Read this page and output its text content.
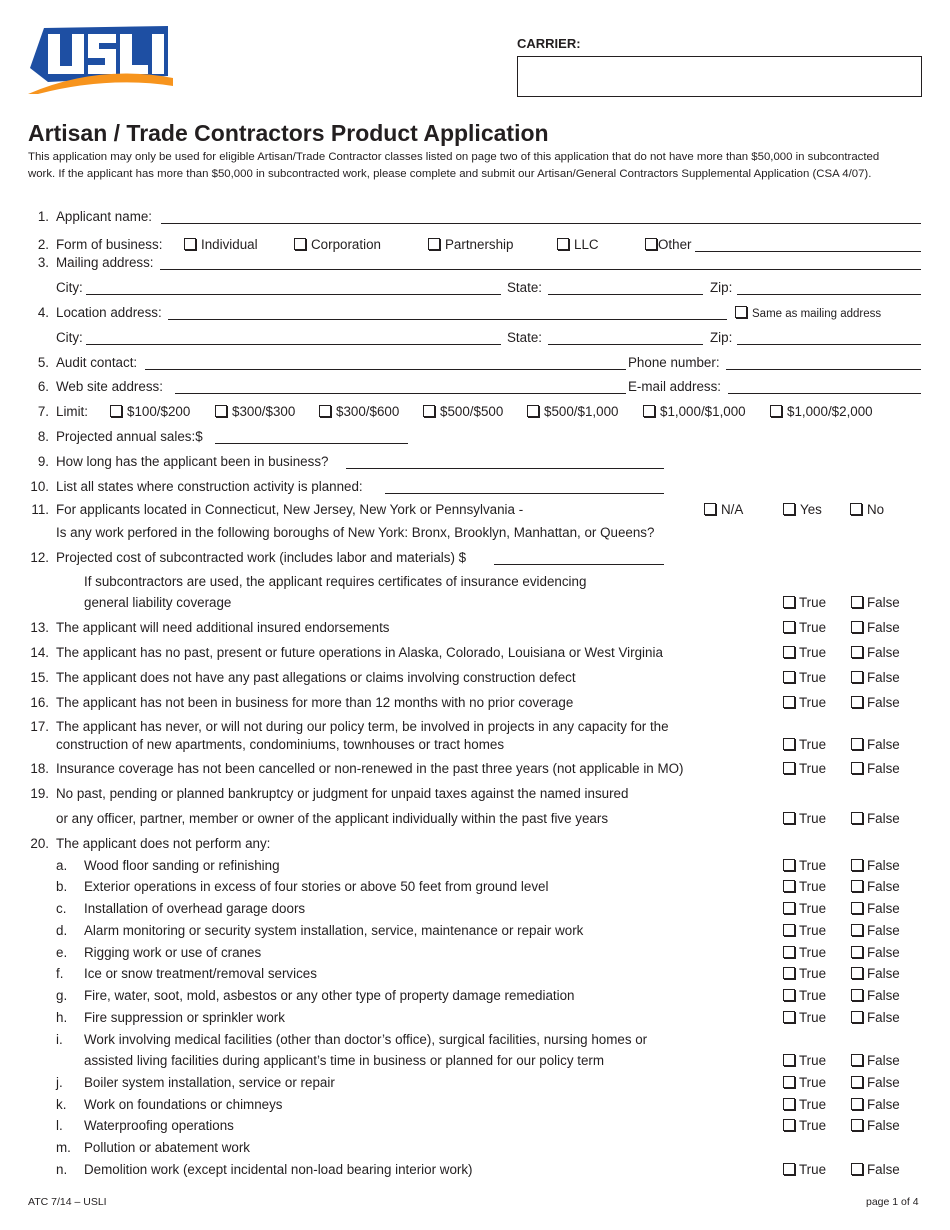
CARRIER:
Artisan / Trade Contractors Product Application
This application may only be used for eligible Artisan/Trade Contractor classes listed on page two of this application that do not have more than $50,000 in subcontracted work. If the applicant has more than $50,000 in subcontracted work, please complete and submit our Artisan/General Contractors Supplemental Application (CSA 4/07).
1. Applicant name:
2. Form of business:	Individual	Corporation	Partnership	LLC	Other
3. Mailing address:
City:	State:	Zip:
4. Location address:	Same as mailing address
City:	State:	Zip:
5. Audit contact:	Phone number:
6. Web site address:	E-mail address:
7. Limit:	$100/$200	$300/$300	$300/$600	$500/$500	$500/$1,000	$1,000/$1,000	$1,000/$2,000
8. Projected annual sales:$
9. How long has the applicant been in business?
10. List all states where construction activity is planned:
11. For applicants located in Connecticut, New Jersey, New York or Pennsylvania -	N/A	Yes	No
Is any work perfored in the following boroughs of New York: Bronx, Brooklyn, Manhattan, or Queens?
12. Projected cost of subcontracted work (includes labor and materials) $
If subcontractors are used, the applicant requires certificates of insurance evidencing
general liability coverage	True	False
13. The applicant will need additional insured endorsements	True	False
14. The applicant has no past, present or future operations in Alaska, Colorado, Louisiana or West Virginia	True	False
15. The applicant does not have any past allegations or claims involving construction defect	True	False
16. The applicant has not been in business for more than 12 months with no prior coverage	True	False
17. The applicant has never, or will not during our policy term, be involved in projects in any capacity for the
construction of new apartments, condominiums, townhouses or tract homes	True	False
18. Insurance coverage has not been cancelled or non-renewed in the past three years (not applicable in MO)	True	False
19. No past, pending or planned bankruptcy or judgment for unpaid taxes against the named insured
or any officer, partner, member or owner of the applicant individually within the past five years	True	False
20. The applicant does not perform any:
a. Wood floor sanding or refinishing	True	False
b. Exterior operations in excess of four stories or above 50 feet from ground level	True	False
c. Installation of overhead garage doors	True	False
d. Alarm monitoring or security system installation, service, maintenance or repair work	True	False
e. Rigging work or use of cranes	True	False
f. Ice or snow treatment/removal services	True	False
g. Fire, water, soot, mold, asbestos or any other type of property damage remediation	True	False
h. Fire suppression or sprinkler work	True	False
i. Work involving medical facilities (other than doctor’s office), surgical facilities, nursing homes or
assisted living facilities during applicant’s time in business or planned for our policy term	True	False
j. Boiler system installation, service or repair	True	False
k. Work on foundations or chimneys	True	False
l. Waterproofing operations	True	False
m. Pollution or abatement work
n. Demolition work (except incidental non-load bearing interior work)	True	False
ATC 7/14 – USLI	page 1 of 4
